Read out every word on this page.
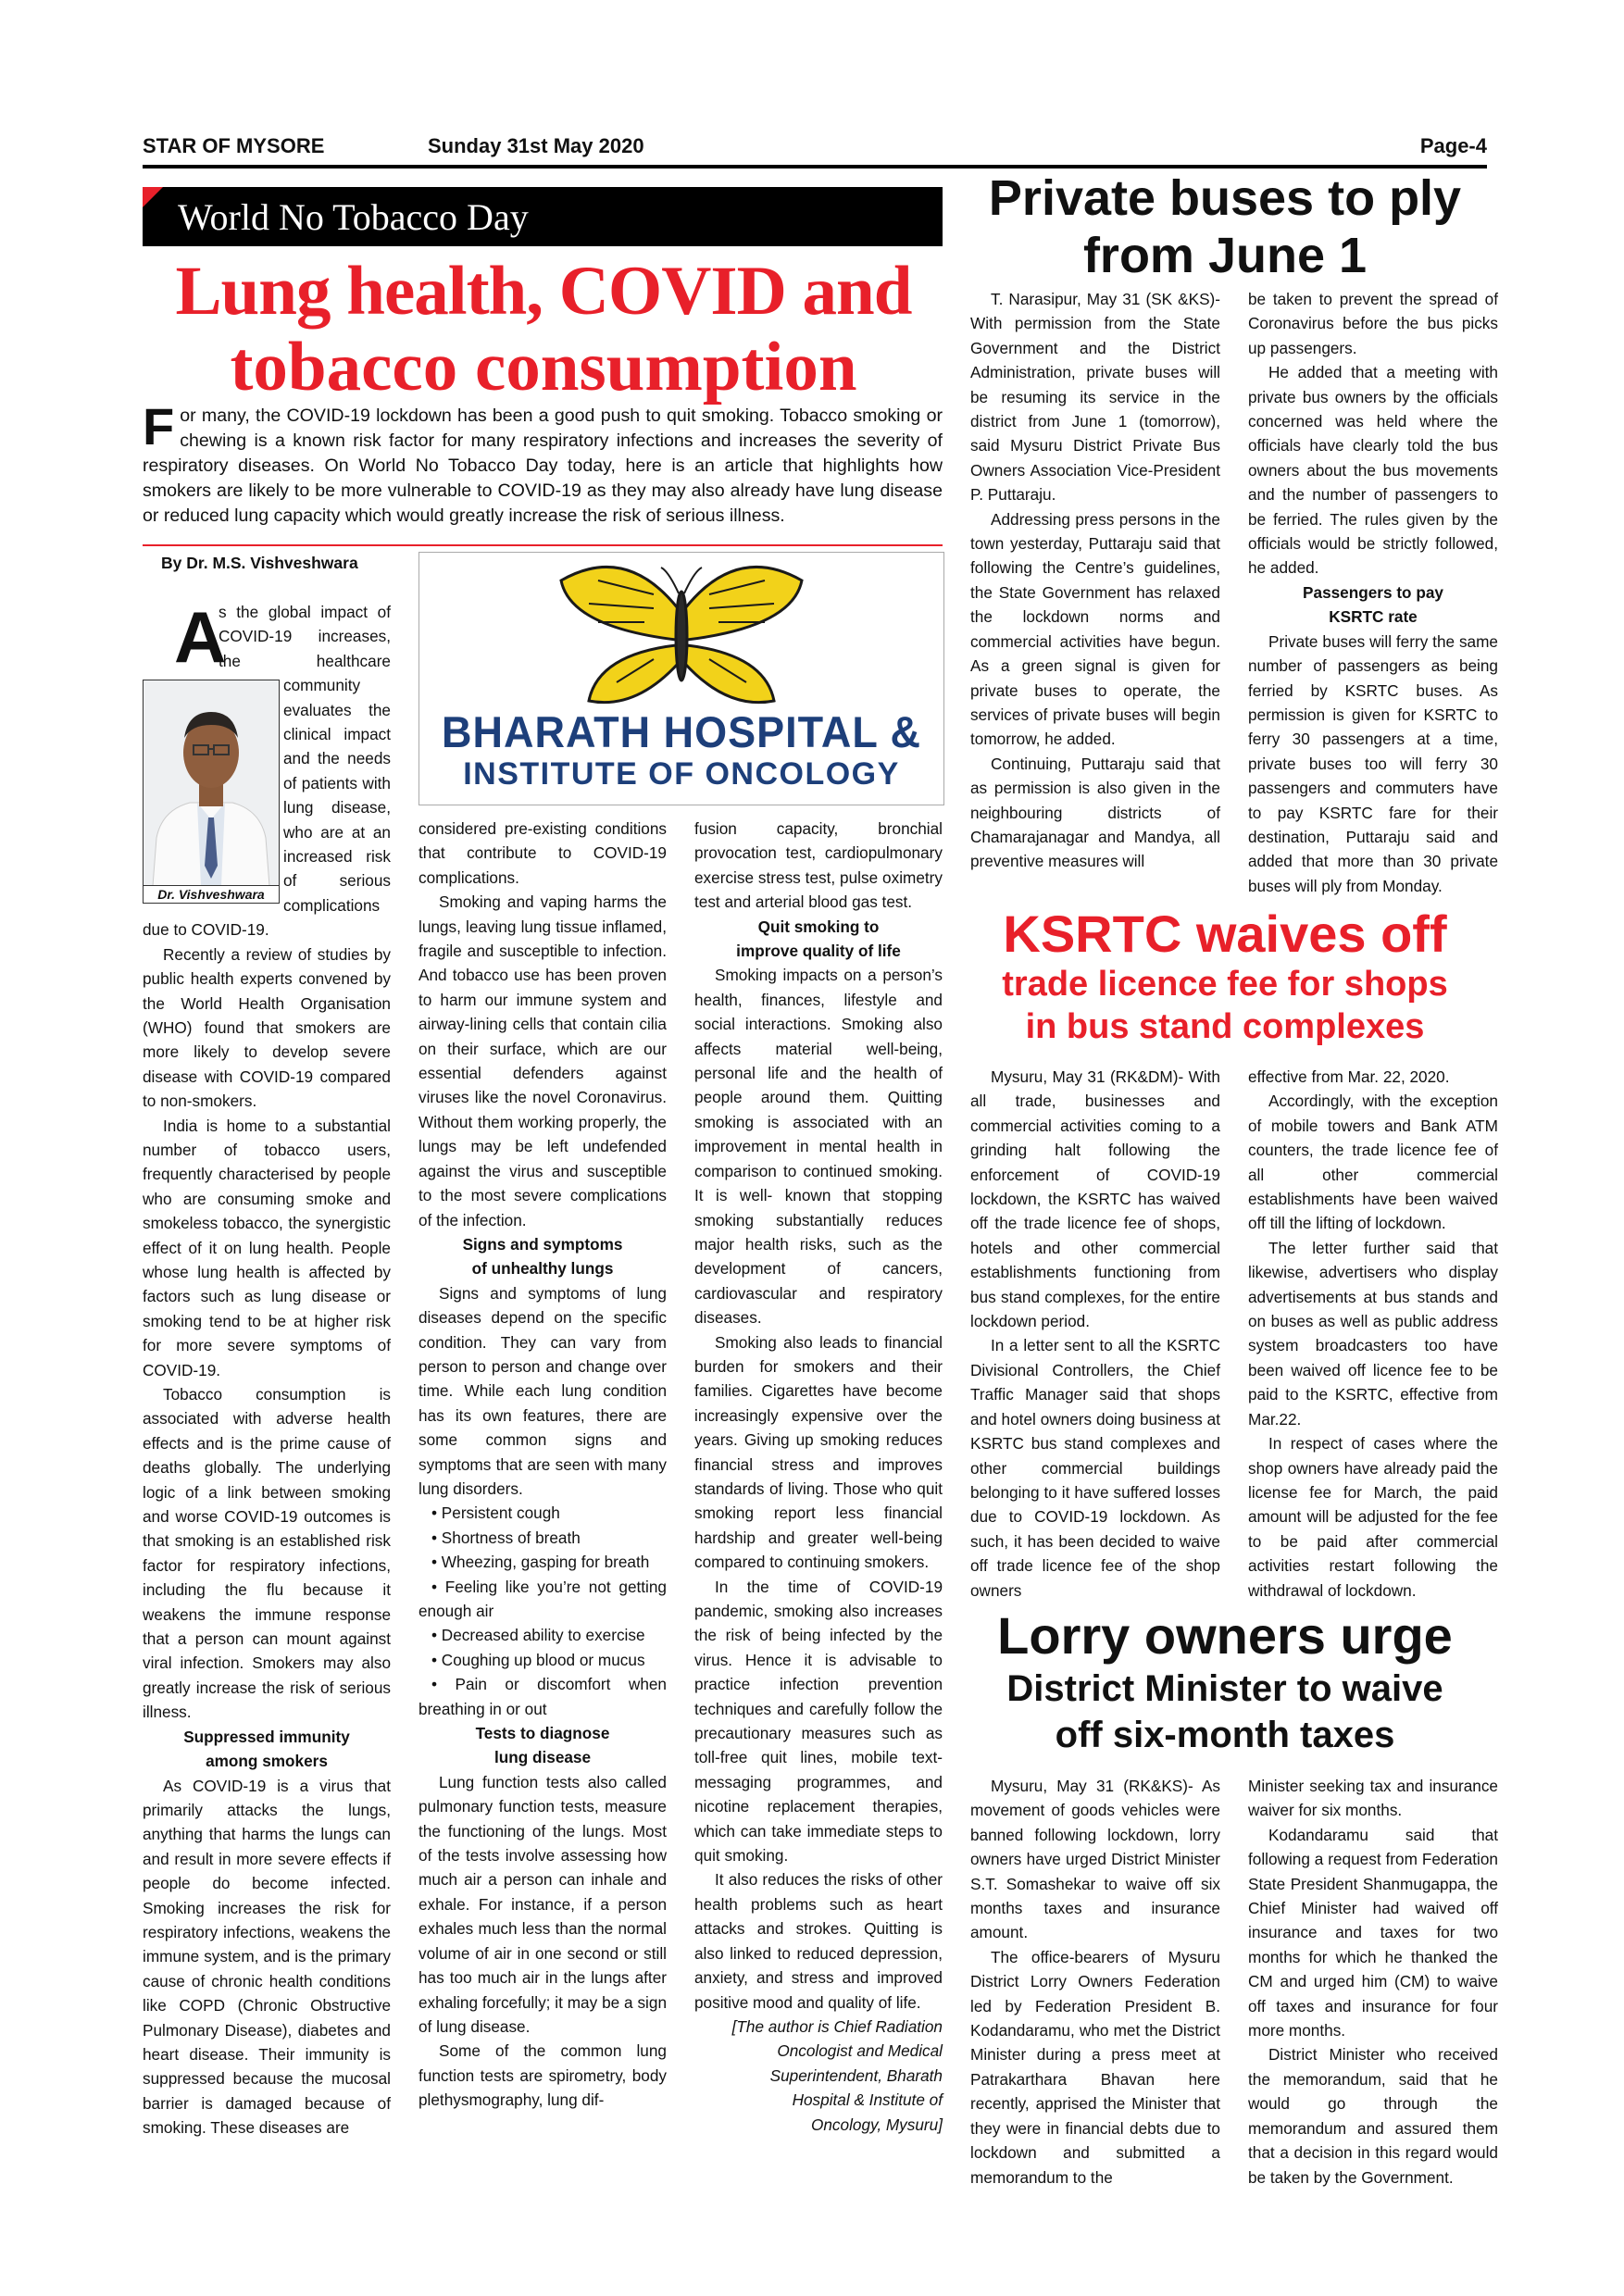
STAR OF MYSORE	Sunday 31st May 2020	Page-4
World No Tobacco Day
Lung health, COVID and
tobacco consumption
F or many, the COVID-19 lockdown has been a good push to quit smoking. Tobacco smoking or chewing is a known risk factor for many respiratory infections and increases the severity of respiratory diseases. On World No Tobacco Day today, here is an article that highlights how smokers are likely to be more vulnerable to COVID-19 as they may also already have lung disease or reduced lung capacity which would greatly increase the risk of serious illness.
By Dr. M.S. Vishveshwara
Dr. Vishveshwara
BHARATH HOSPITAL &
INSTITUTE OF ONCOLOGY

A

s the global impact of COVID-19 increases, the healthcare community evaluates the clinical impact and the needs of patients with lung disease, who are at an increased risk of serious complications due to COVID-19.

Recently a review of studies by public health experts convened by the World Health Organisation (WHO) found that smokers are more likely to develop severe disease with COVID-19 compared to non-smokers.

India is home to a substantial number of tobacco users, frequently characterised by people who are consuming smoke and smokeless tobacco, the synergistic effect of it on lung health. People whose lung health is affected by factors such as lung disease or smoking tend to be at higher risk for more severe symptoms of COVID-19.

Tobacco consumption is associated with adverse health effects and is the prime cause of deaths globally. The underlying logic of a link between smoking and worse COVID-19 outcomes is that smoking is an established risk factor for respiratory infections, including the flu because it weakens the immune response that a person can mount against viral infection. Smokers may also greatly increase the risk of serious illness.

Suppressed immunity

among smokers

As COVID-19 is a virus that primarily attacks the lungs, anything that harms the lungs can and result in more severe effects if people do become infected. Smoking increases the risk for respiratory infections, weakens the immune system, and is the primary cause of chronic health conditions like COPD (Chronic Obstructive Pulmonary Disease), diabetes and heart disease. Their immunity is suppressed because the mucosal barrier is damaged because of smoking. These diseases are

considered pre-existing conditions that contribute to COVID-19 complications.

Smoking and vaping harms the lungs, leaving lung tissue inflamed, fragile and susceptible to infection. And tobacco use has been proven to harm our immune system and airway-lining cells that contain cilia on their surface, which are our essential defenders against viruses like the novel Coronavirus. Without them working properly, the lungs may be left undefended against the virus and susceptible to the most severe complications of the infection.

Signs and symptoms

of unhealthy lungs

Signs and symptoms of lung diseases depend on the specific condition. They can vary from person to person and change over time. While each lung condition has its own features, there are some common signs and symptoms that are seen with many lung disorders.

• Persistent cough
• Shortness of breath
• Wheezing, gasping for breath
• Feeling like you’re not getting enough air
• Decreased ability to exercise
• Coughing up blood or mucus
• Pain or discomfort when breathing in or out

Tests to diagnose

lung disease

Lung function tests also called pulmonary function tests, measure the functioning of the lungs. Most of the tests involve assessing how much air a person can inhale and exhale. For instance, if a person exhales much less than the normal volume of air in one second or still has too much air in the lungs after exhaling forcefully; it may be a sign of lung disease.

Some of the common lung function tests are spirometry, body plethysmography, lung dif-

fusion capacity, bronchial provocation test, cardiopulmonary exercise stress test, pulse oximetry test and arterial blood gas test.

Quit smoking to

improve quality of life

Smoking impacts on a person’s health, finances, lifestyle and social interactions. Smoking also affects material well-being, personal life and the health of people around them. Quitting smoking is associated with an improvement in mental health in comparison to continued smoking. It is well- known that stopping smoking substantially reduces major health risks, such as the development of cancers, cardiovascular and respiratory diseases.

Smoking also leads to financial burden for smokers and their families. Cigarettes have become increasingly expensive over the years. Giving up smoking reduces financial stress and improves standards of living. Those who quit smoking report less financial hardship and greater well-being compared to continuing smokers.

In the time of COVID-19 pandemic, smoking also increases the risk of being infected by the virus. Hence it is advisable to practice infection prevention techniques and carefully follow the precautionary measures such as toll-free quit lines, mobile text-messaging programmes, and nicotine replacement therapies, which can take immediate steps to quit smoking.

It also reduces the risks of other health problems such as heart attacks and strokes. Quitting is also linked to reduced depression, anxiety, and stress and improved positive mood and quality of life.

[The author is Chief Radiation Oncologist and Medical Superintendent, Bharath Hospital & Institute of Oncology, Mysuru]

Private buses to ply
from June 1

T. Narasipur, May 31 (SK &KS)- With permission from the State Government and the District Administration, private buses will be resuming its service in the district from June 1 (tomorrow), said Mysuru District Private Bus Owners Association Vice-President P. Puttaraju.

Addressing press persons in the town yesterday, Puttaraju said that following the Centre’s guidelines, the State Government has relaxed the lockdown norms and commercial activities have begun. As a green signal is given for private buses to operate, the services of private buses will begin tomorrow, he added.

Continuing, Puttaraju said that as permission is also given in the neighbouring districts of Chamarajanagar and Mandya, all preventive measures will

be taken to prevent the spread of Coronavirus before the bus picks up passengers.

He added that a meeting with private bus owners by the officials concerned was held where the officials have clearly told the bus owners about the bus movements and the number of passengers to be ferried. The rules given by the officials would be strictly followed, he added.

Passengers to pay

KSRTC rate

Private buses will ferry the same number of passengers as being ferried by KSRTC buses. As permission is given for KSRTC to ferry 30 passengers at a time, private buses too will ferry 30 passengers and commuters have to pay KSRTC fare for their destination, Puttaraju said and added that more than 30 private buses will ply from Monday.

KSRTC waives off
trade licence fee for shops
in bus stand complexes

Mysuru, May 31 (RK&DM)- With all trade, businesses and commercial activities coming to a grinding halt following the enforcement of COVID-19 lockdown, the KSRTC has waived off the trade licence fee of shops, hotels and other commercial establishments functioning from bus stand complexes, for the entire lockdown period.

In a letter sent to all the KSRTC Divisional Controllers, the Chief Traffic Manager said that shops and hotel owners doing business at KSRTC bus stand complexes and other commercial buildings belonging to it have suffered losses due to COVID-19 lockdown. As such, it has been decided to waive off trade licence fee of the shop owners

effective from Mar. 22, 2020.

Accordingly, with the exception of mobile towers and Bank ATM counters, the trade licence fee of all other commercial establishments have been waived off till the lifting of lockdown.

The letter further said that likewise, advertisers who display advertisements at bus stands and on buses as well as public address system broadcasters too have been waived off licence fee to be paid to the KSRTC, effective from Mar.22.

In respect of cases where the shop owners have already paid the license fee for March, the paid amount will be adjusted for the fee to be paid after commercial activities restart following the withdrawal of lockdown.

Lorry owners urge
District Minister to waive
off six-month taxes

Mysuru, May 31 (RK&KS)- As movement of goods vehicles were banned following lockdown, lorry owners have urged District Minister S.T. Somashekar to waive off six months taxes and insurance amount.

The office-bearers of Mysuru District Lorry Owners Federation led by Federation President B. Kodandaramu, who met the District Minister during a press meet at Patrakarthara Bhavan here recently, apprised the Minister that they were in financial debts due to lockdown and submitted a memorandum to the

Minister seeking tax and insurance waiver for six months.

Kodandaramu said that following a request from Federation State President Shanmugappa, the Chief Minister had waived off insurance and taxes for two months for which he thanked the CM and urged him (CM) to waive off taxes and insurance for four more months.

District Minister who received the memorandum, said that he would go through the memorandum and assured them that a decision in this regard would be taken by the Government.
